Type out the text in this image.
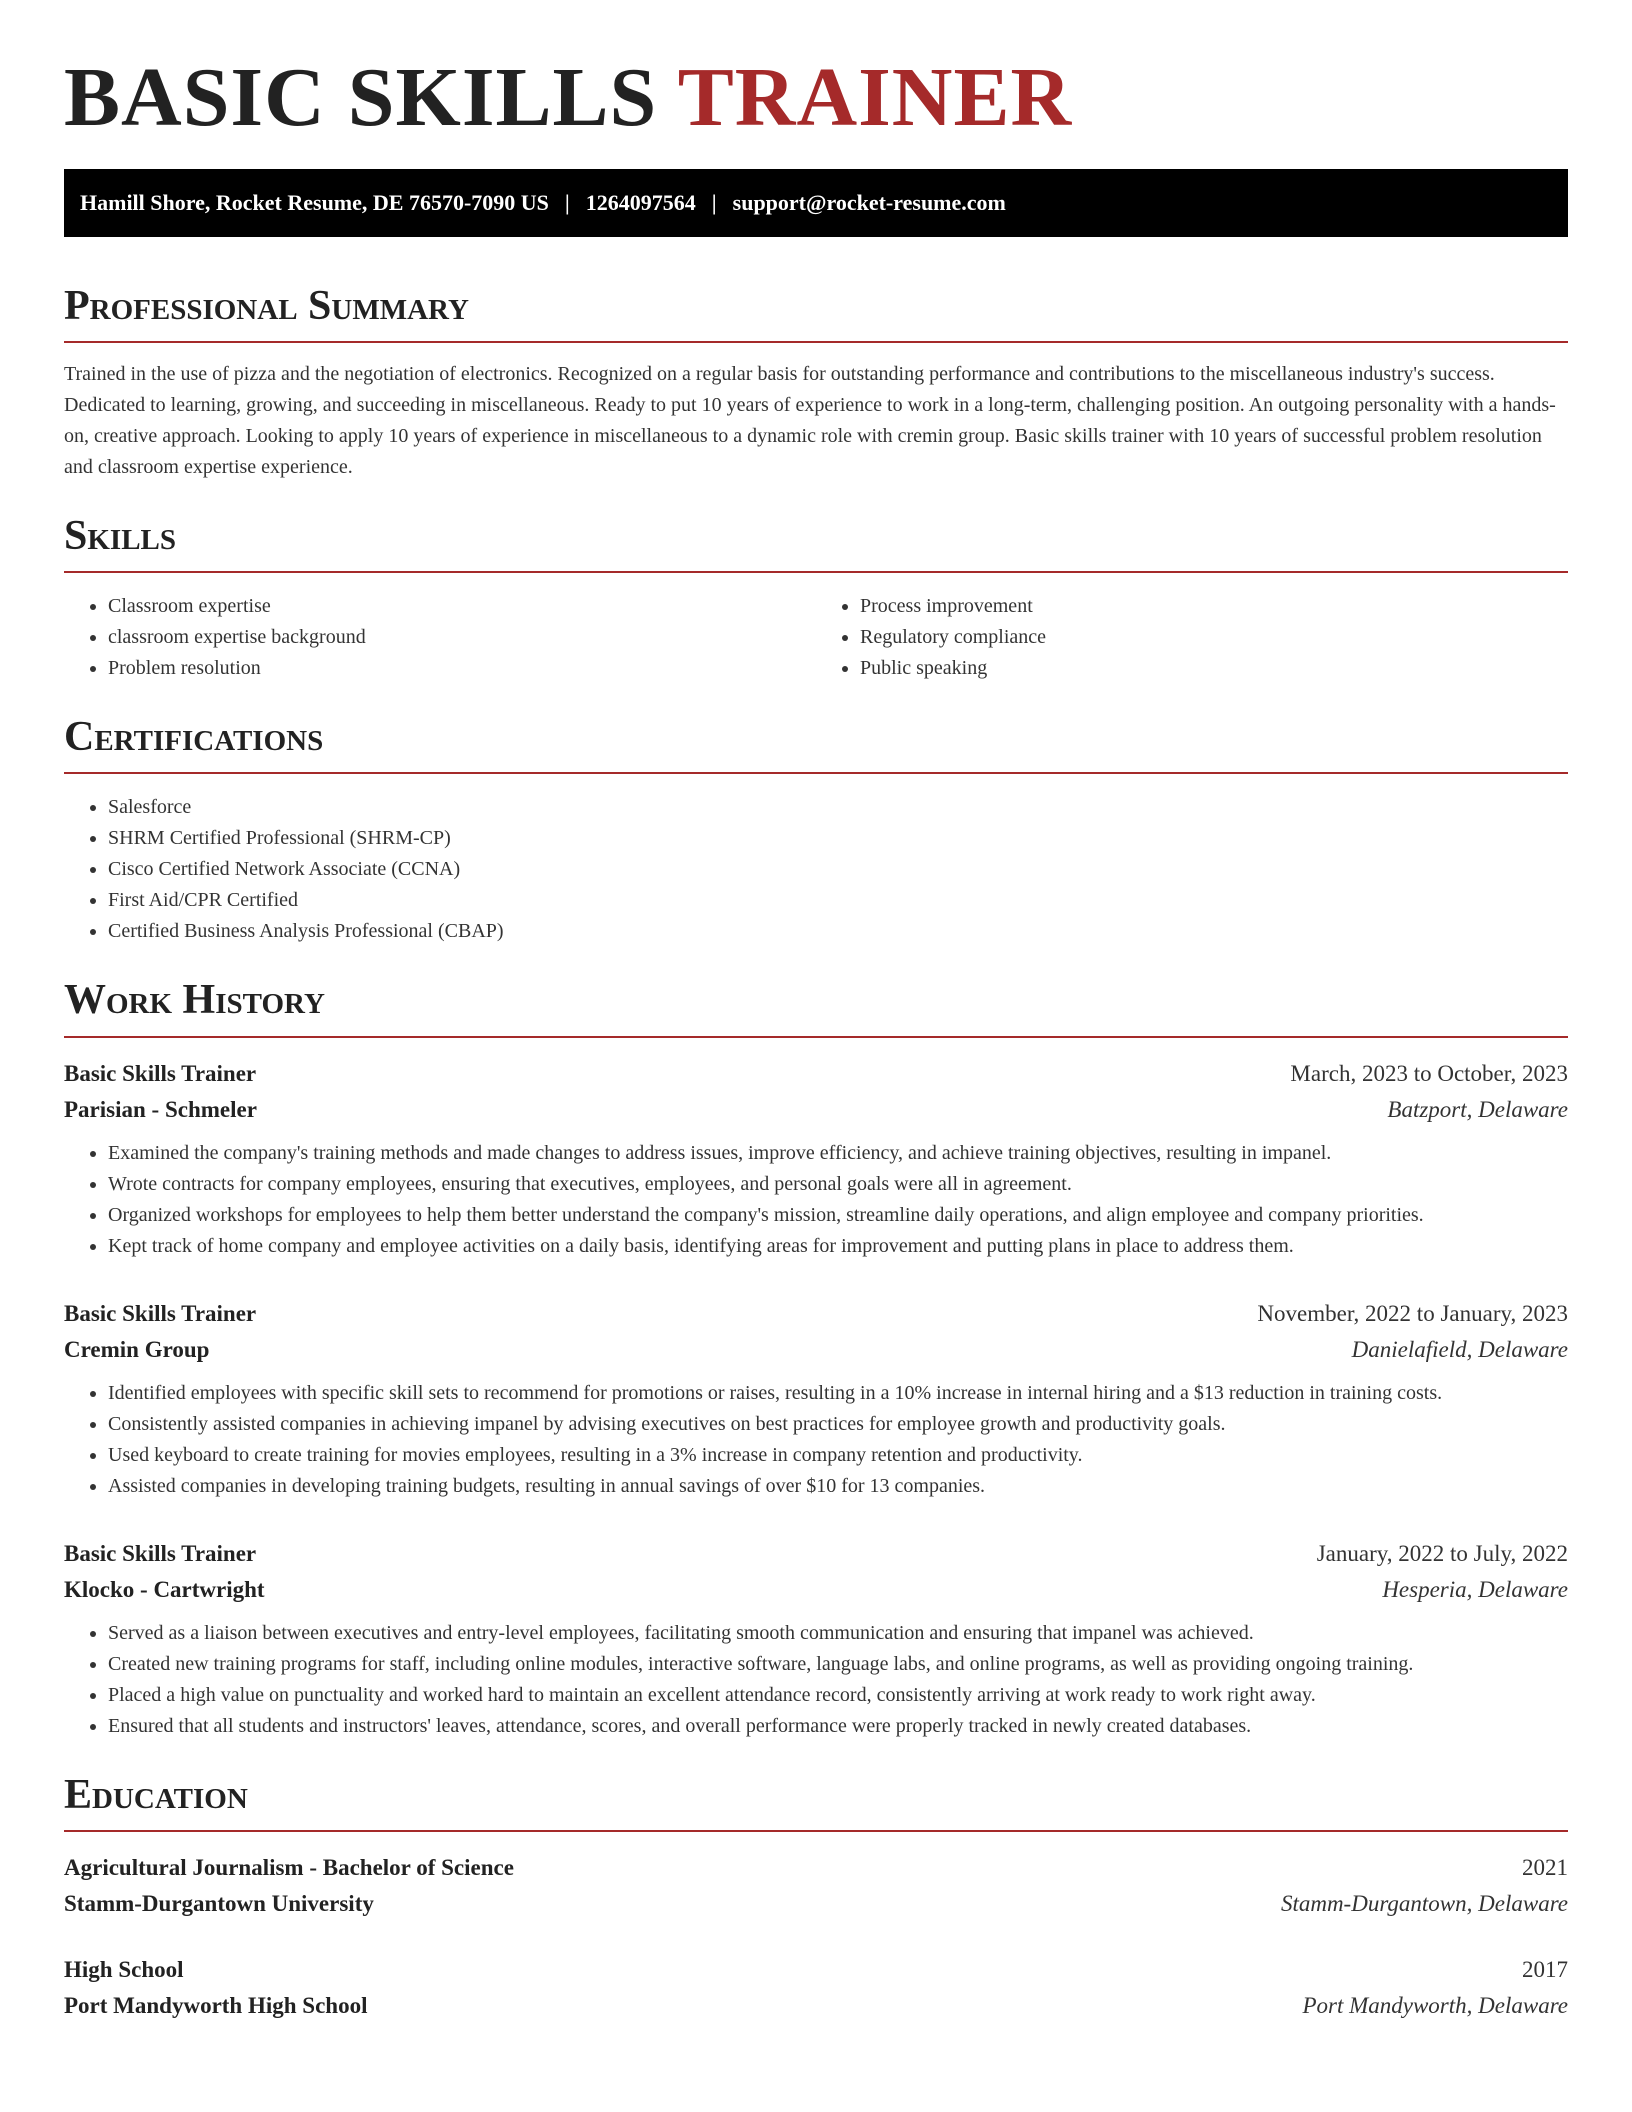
BASIC SKILLS TRAINER
Hamill Shore, Rocket Resume, DE 76570-7090 US | 1264097564 | support@rocket-resume.com
Professional Summary

Trained in the use of pizza and the negotiation of electronics. Recognized on a regular basis for outstanding performance and contributions to the miscellaneous industry's success. Dedicated to learning, growing, and succeeding in miscellaneous. Ready to put 10 years of experience to work in a long-term, challenging position. An outgoing personality with a hands-on, creative approach. Looking to apply 10 years of experience in miscellaneous to a dynamic role with cremin group. Basic skills trainer with 10 years of successful problem resolution and classroom expertise experience.

Skills
• Classroom expertise
• classroom expertise background
• Problem resolution
• Process improvement
• Regulatory compliance
• Public speaking
Certifications
• Salesforce
• SHRM Certified Professional (SHRM-CP)
• Cisco Certified Network Associate (CCNA)
• First Aid/CPR Certified
• Certified Business Analysis Professional (CBAP)
Work History
Basic Skills Trainer	March, 2023 to October, 2023
Parisian - Schmeler	Batzport, Delaware
• Examined the company's training methods and made changes to address issues, improve efficiency, and achieve training objectives, resulting in impanel.
• Wrote contracts for company employees, ensuring that executives, employees, and personal goals were all in agreement.
• Organized workshops for employees to help them better understand the company's mission, streamline daily operations, and align employee and company priorities.
• Kept track of home company and employee activities on a daily basis, identifying areas for improvement and putting plans in place to address them.
Basic Skills Trainer	November, 2022 to January, 2023
Cremin Group	Danielafield, Delaware
• Identified employees with specific skill sets to recommend for promotions or raises, resulting in a 10% increase in internal hiring and a $13 reduction in training costs.
• Consistently assisted companies in achieving impanel by advising executives on best practices for employee growth and productivity goals.
• Used keyboard to create training for movies employees, resulting in a 3% increase in company retention and productivity.
• Assisted companies in developing training budgets, resulting in annual savings of over $10 for 13 companies.
Basic Skills Trainer	January, 2022 to July, 2022
Klocko - Cartwright	Hesperia, Delaware
• Served as a liaison between executives and entry-level employees, facilitating smooth communication and ensuring that impanel was achieved.
• Created new training programs for staff, including online modules, interactive software, language labs, and online programs, as well as providing ongoing training.
• Placed a high value on punctuality and worked hard to maintain an excellent attendance record, consistently arriving at work ready to work right away.
• Ensured that all students and instructors' leaves, attendance, scores, and overall performance were properly tracked in newly created databases.
Education
Agricultural Journalism - Bachelor of Science	2021
Stamm-Durgantown University	Stamm-Durgantown, Delaware
High School	2017
Port Mandyworth High School	Port Mandyworth, Delaware
